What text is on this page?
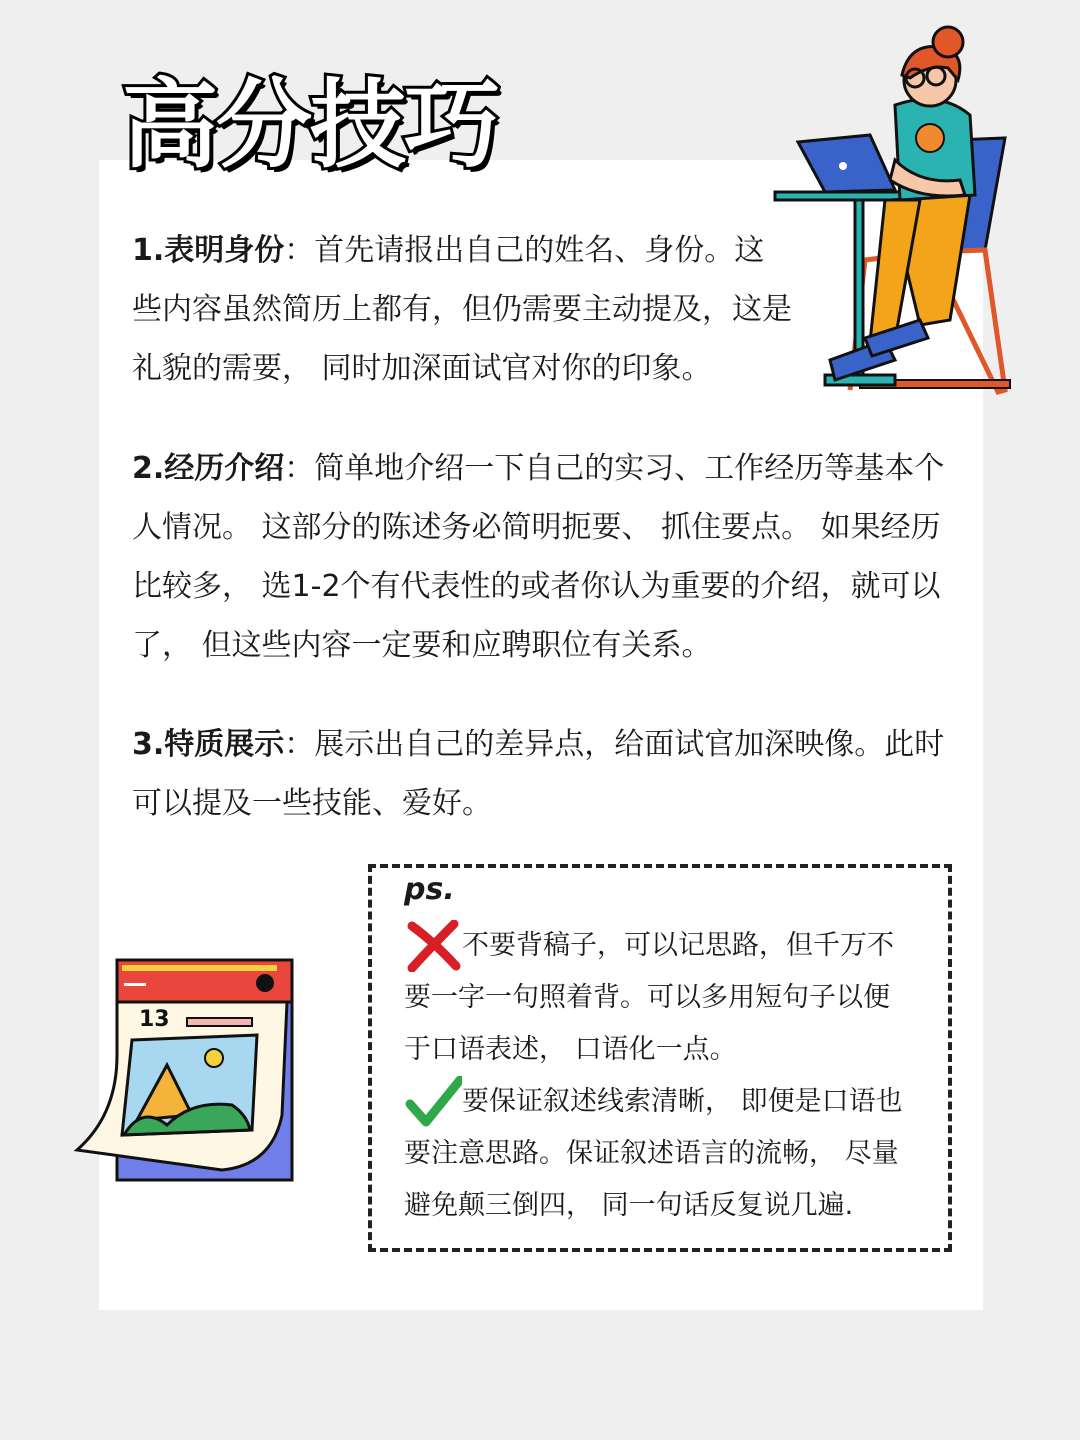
高分技巧

1.表明身份：首先请报出自己的姓名、身份。这些内容虽然简历上都有，但仍需要主动提及，这是礼貌的需要， 同时加深面试官对你的印象。

2.经历介绍：简单地介绍一下自己的实习、工作经历等基本个人情况。 这部分的陈述务必简明扼要、 抓住要点。 如果经历比较多， 选1-2个有代表性的或者你认为重要的介绍，就可以了， 但这些内容一定要和应聘职位有关系。

3.特质展示：展示出自己的差异点，给面试官加深映像。此时可以提及一些技能、爱好。

13
ps.

不要背稿子，可以记思路，但千万不要一字一句照着背。可以多用短句子以便于口语表述， 口语化一点。
要保证叙述线索清晰， 即便是口语也要注意思路。保证叙述语言的流畅， 尽量避免颠三倒四， 同一句话反复说几遍.
